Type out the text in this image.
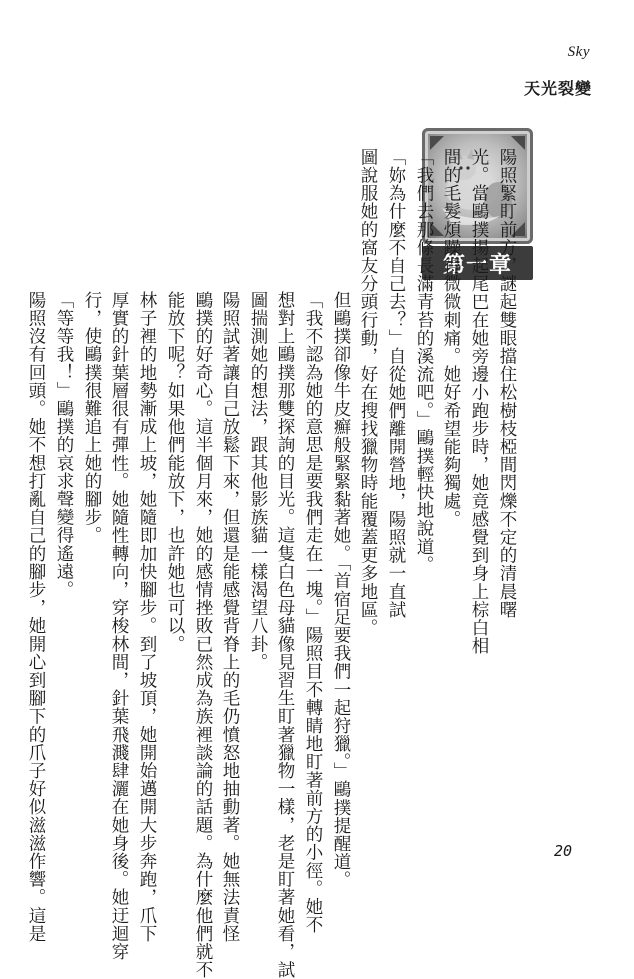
Sky
天光裂變
第一章
陽照緊盯前方，謎起雙眼擋住松樹枝椏間閃爍不定的清晨曙
光。當鷗撲揚起尾巴在她旁邊小跑步時，她竟感覺到身上棕白相
間的毛髮煩躁得微微刺痛。她好希望能夠獨處。
「我們去那條長滿青苔的溪流吧。」鷗撲輕快地說道。
「妳為什麼不自己去？」自從她們離開營地，陽照就一直試
圖說服她的窩友分頭行動，好在搜找獵物時能覆蓋更多地區。
但鷗撲卻像牛皮癬般緊緊黏著她。「首宿足要我們一起狩獵。」鷗撲提醒道。
「我不認為她的意思是要我們走在一塊。」陽照目不轉睛地盯著前方的小徑。她不
想對上鷗撲那雙探詢的目光。這隻白色母貓像見習生盯著獵物一樣，老是盯著她看，試
圖揣測她的想法，跟其他影族貓一樣渴望八卦。
陽照試著讓自己放鬆下來，但還是能感覺背脊上的毛仍憤怒地抽動著。她無法責怪
鷗撲的好奇心。這半個月來，她的感情挫敗已然成為族裡談論的話題。為什麼他們就不
能放下呢？如果他們能放下，也許她也可以。
林子裡的地勢漸成上坡，她隨即加快腳步。到了坡頂，她開始邁開大步奔跑，爪下
厚實的針葉層很有彈性。她隨性轉向，穿梭林間，針葉飛濺肆灑在她身後。她迂迴穿
行，使鷗撲很難追上她的腳步。
「等等我！」鷗撲的哀求聲變得遙遠。
陽照沒有回頭。她不想打亂自己的腳步，她開心到腳下的爪子好似滋滋作響。這是	20
